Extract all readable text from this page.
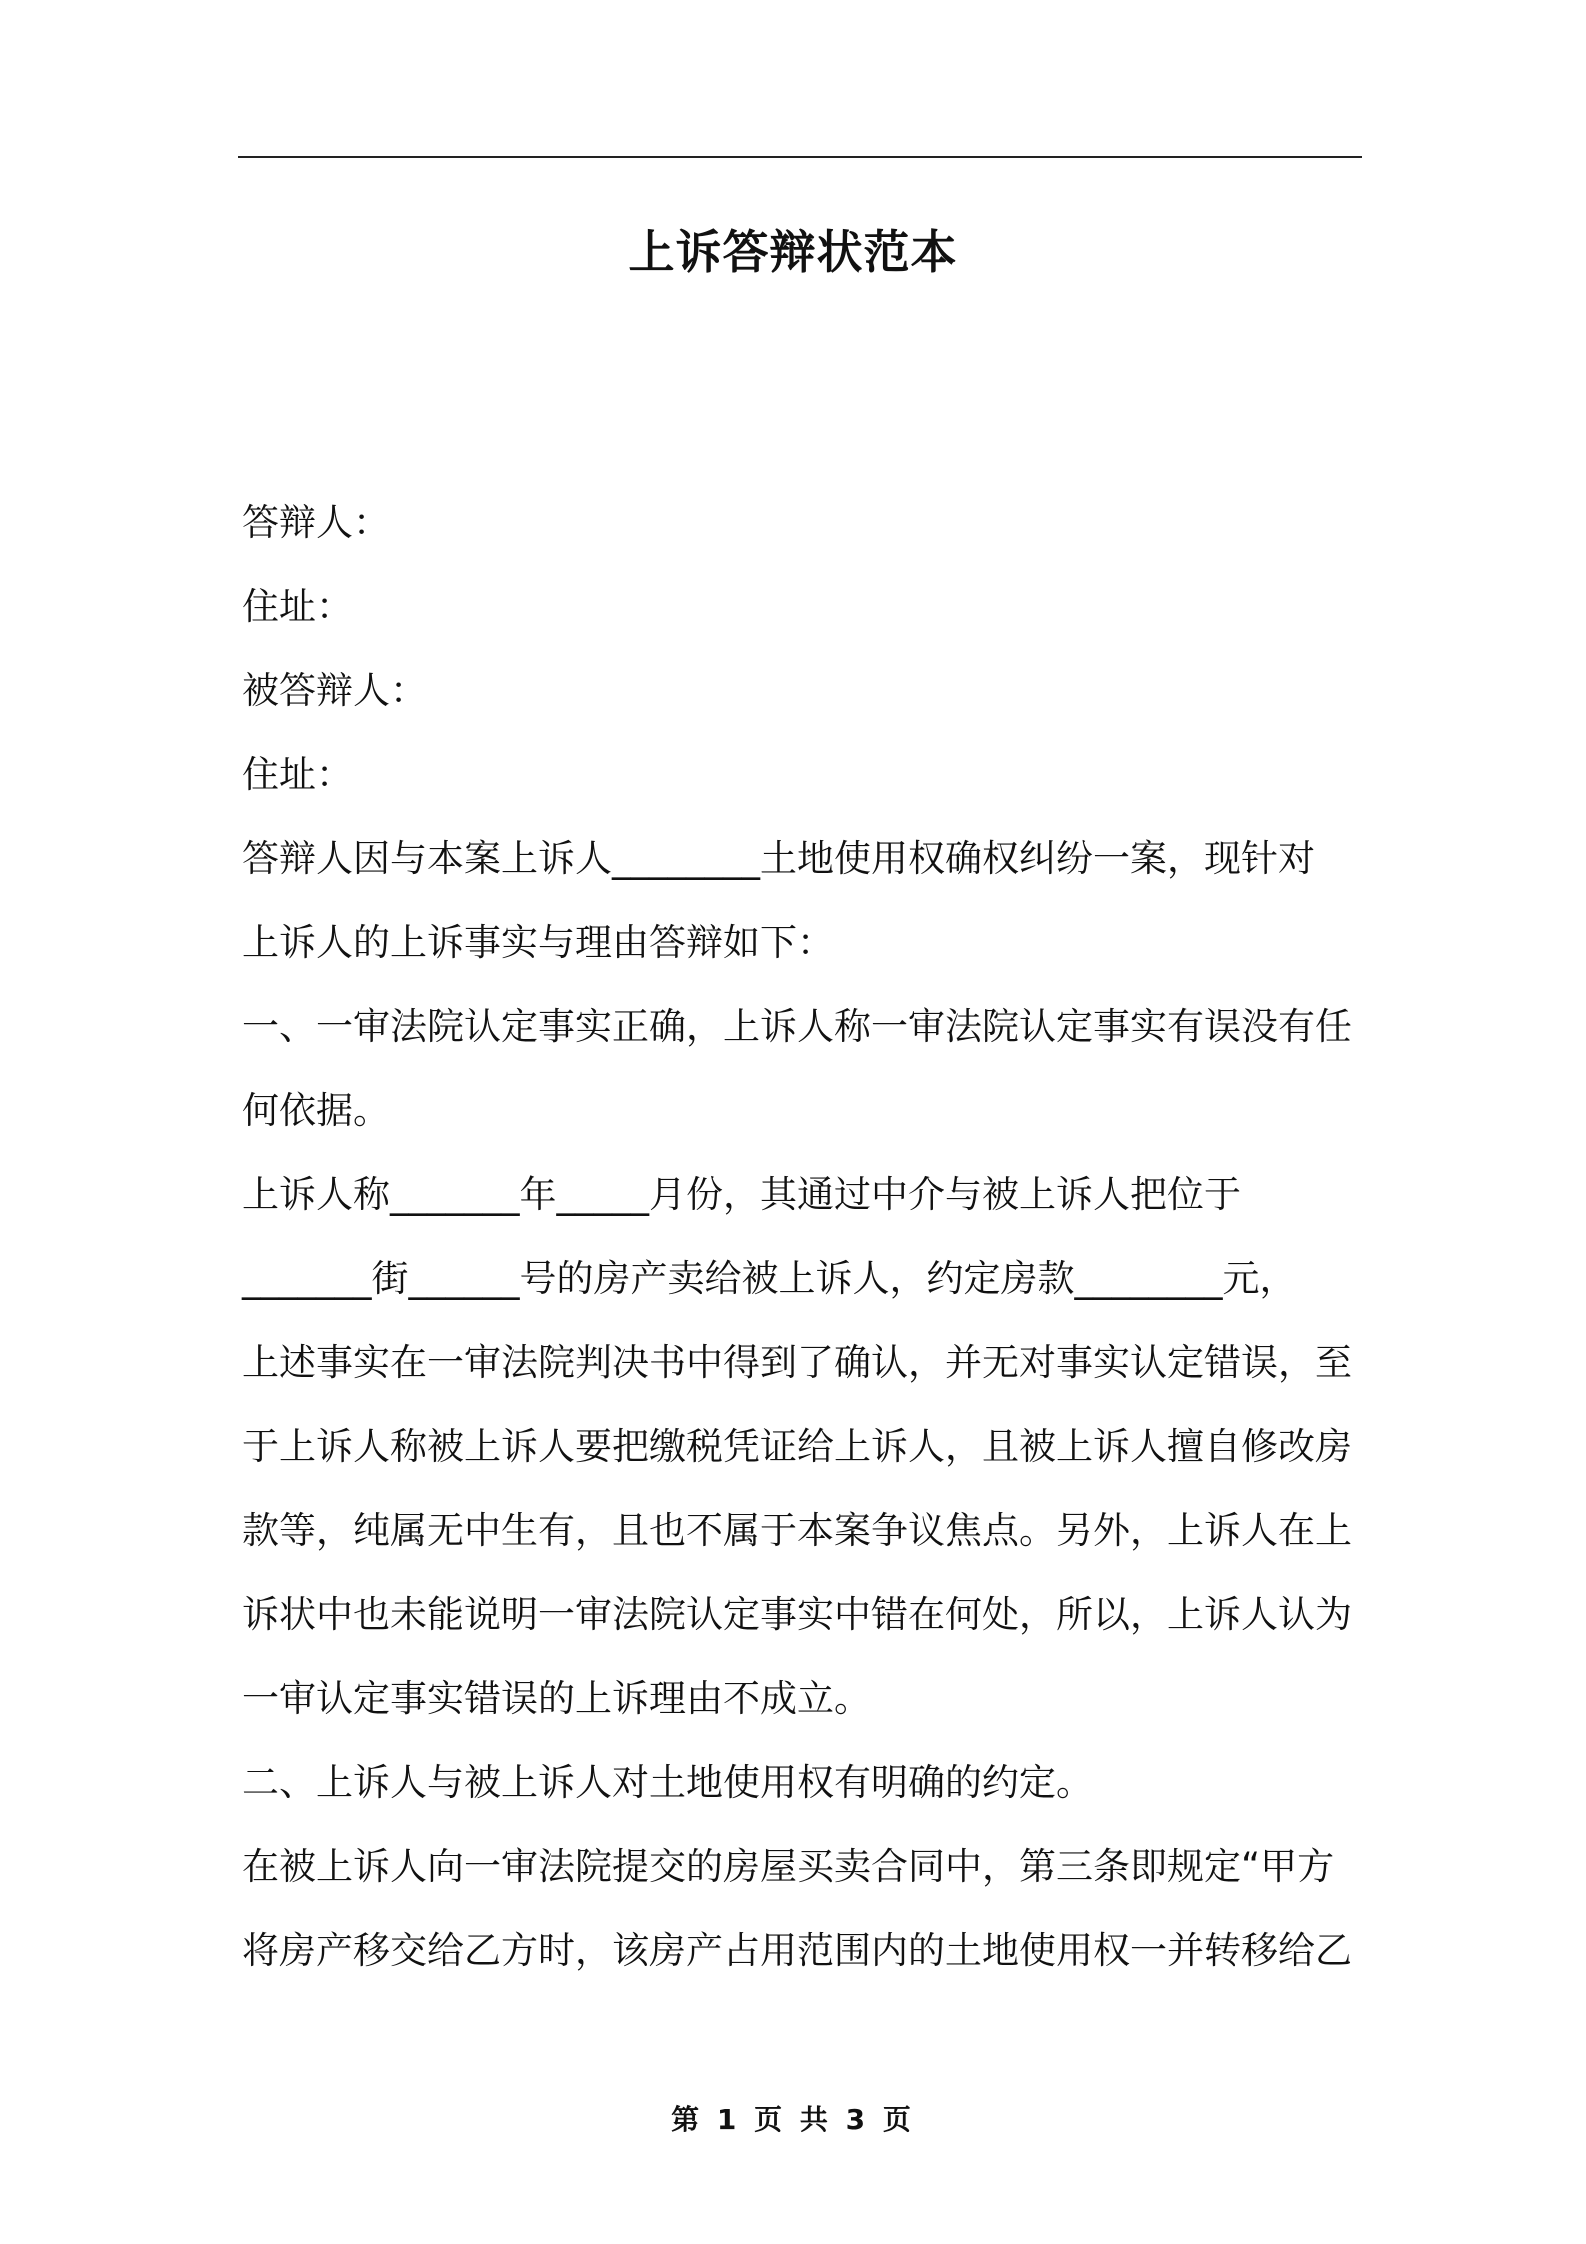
上诉答辩状范本
答辩人：
住址：
被答辩人：
住址：
答辩人因与本案上诉人________土地使用权确权纠纷一案，现针对
上诉人的上诉事实与理由答辩如下：
一、一审法院认定事实正确，上诉人称一审法院认定事实有误没有任
何依据。
上诉人称_______年_____月份，其通过中介与被上诉人把位于
_______街______号的房产卖给被上诉人，约定房款________元，
上述事实在一审法院判决书中得到了确认，并无对事实认定错误，至
于上诉人称被上诉人要把缴税凭证给上诉人，且被上诉人擅自修改房
款等，纯属无中生有，且也不属于本案争议焦点。另外，上诉人在上
诉状中也未能说明一审法院认定事实中错在何处，所以，上诉人认为
一审认定事实错误的上诉理由不成立。
二、上诉人与被上诉人对土地使用权有明确的约定。
在被上诉人向一审法院提交的房屋买卖合同中，第三条即规定“甲方
将房产移交给乙方时，该房产占用范围内的土地使用权一并转移给乙
第 1 页 共 3 页
